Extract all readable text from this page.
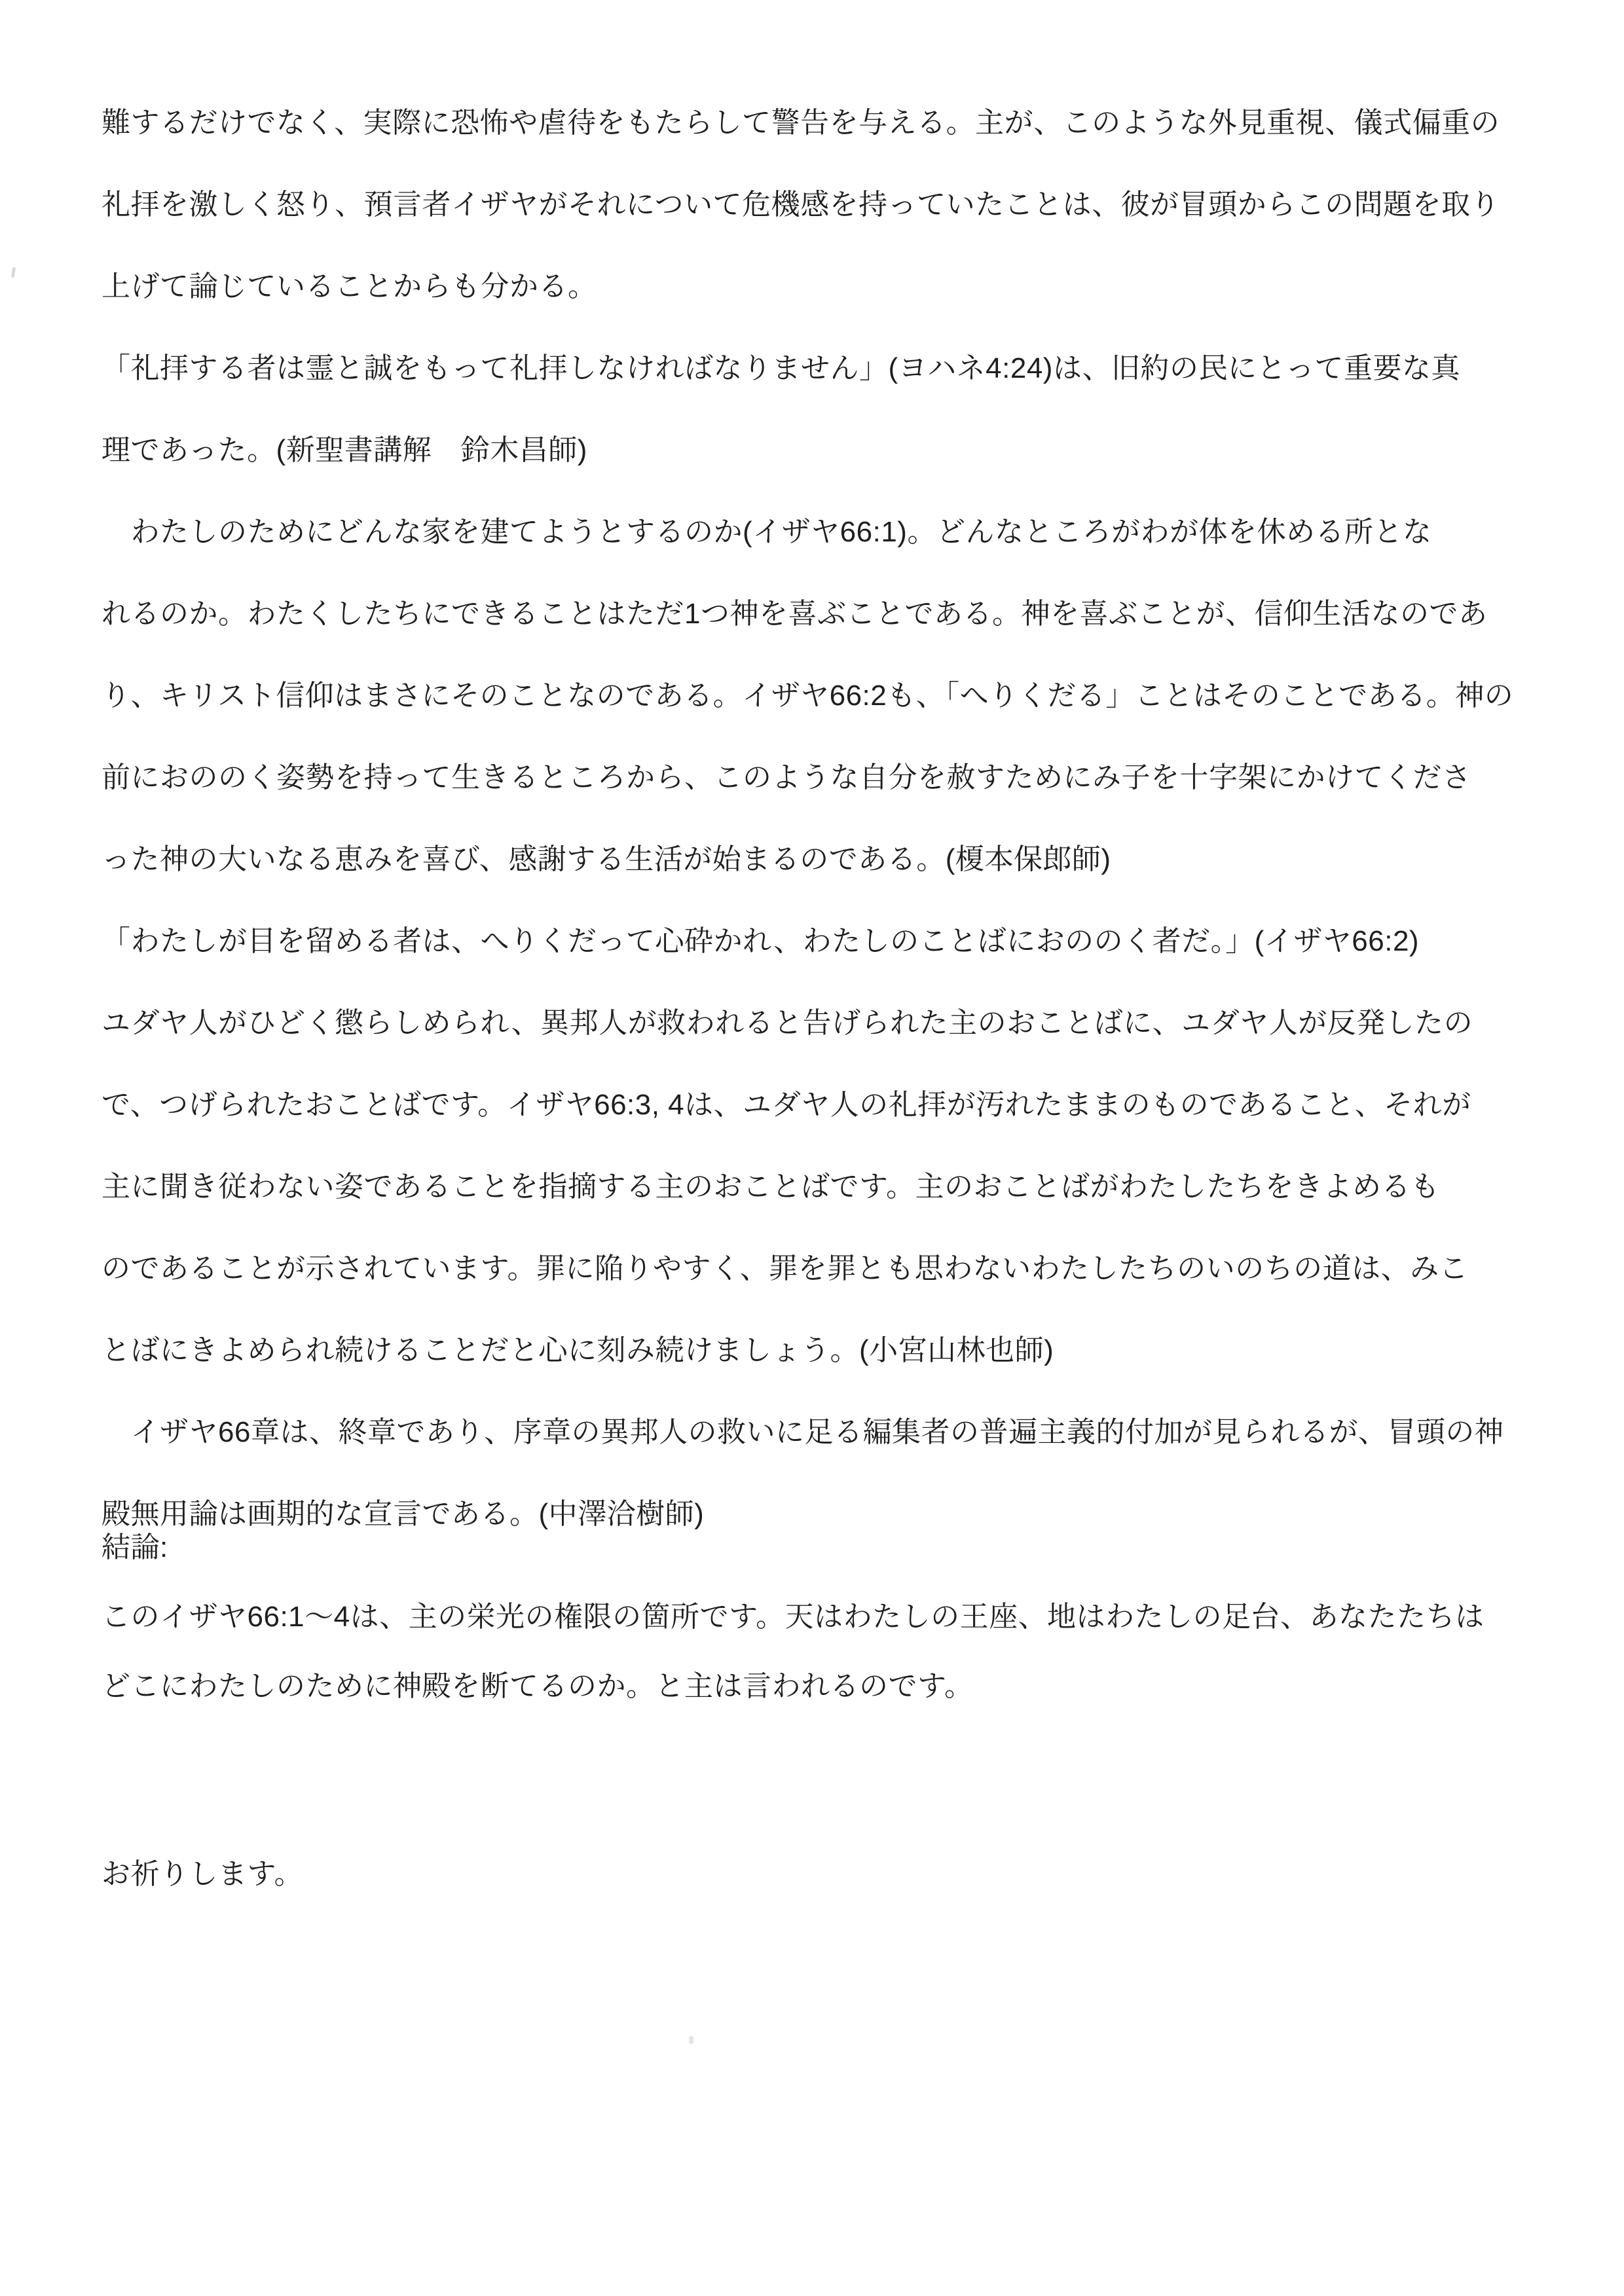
難するだけでなく、実際に恐怖や虐待をもたらして警告を与える。主が、このような外見重視、儀式偏重の
礼拝を激しく怒り、預言者イザヤがそれについて危機感を持っていたことは、彼が冒頭からこの問題を取り
上げて論じていることからも分かる。
「礼拝する者は霊と誠をもって礼拝しなければなりません」(ヨハネ4:24)は、旧約の民にとって重要な真
理であった。(新聖書講解　鈴木昌師)
　わたしのためにどんな家を建てようとするのか(イザヤ66:1)。どんなところがわが体を休める所とな
れるのか。わたくしたちにできることはただ1つ神を喜ぶことである。神を喜ぶことが、信仰生活なのであ
り、キリスト信仰はまさにそのことなのである。イザヤ66:2も、「へりくだる」ことはそのことである。神の
前におののく姿勢を持って生きるところから、このような自分を赦すためにみ子を十字架にかけてくださ
った神の大いなる恵みを喜び、感謝する生活が始まるのである。(榎本保郎師)
「わたしが目を留める者は、へりくだって心砕かれ、わたしのことばにおののく者だ。」(イザヤ66:2)
ユダヤ人がひどく懲らしめられ、異邦人が救われると告げられた主のおことばに、ユダヤ人が反発したの
で、つげられたおことばです。イザヤ66:3, 4は、ユダヤ人の礼拝が汚れたままのものであること、それが
主に聞き従わない姿であることを指摘する主のおことばです。主のおことばがわたしたちをきよめるも
のであることが示されています。罪に陥りやすく、罪を罪とも思わないわたしたちのいのちの道は、みこ
とばにきよめられ続けることだと心に刻み続けましょう。(小宮山林也師)
　イザヤ66章は、終章であり、序章の異邦人の救いに足る編集者の普遍主義的付加が見られるが、冒頭の神
殿無用論は画期的な宣言である。(中澤洽樹師)
結論:
このイザヤ66:1〜4は、主の栄光の権限の箇所です。天はわたしの王座、地はわたしの足台、あなたたちは
どこにわたしのために神殿を断てるのか。と主は言われるのです。
お祈りします。
